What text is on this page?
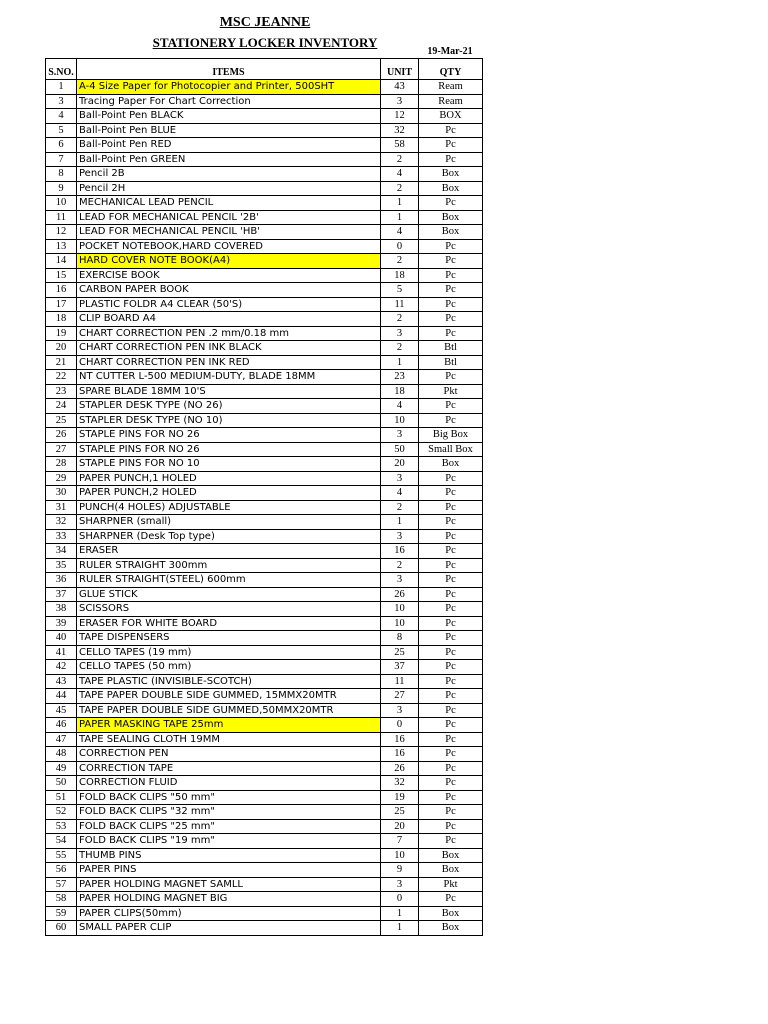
MSC JEANNE
STATIONERY LOCKER INVENTORY
19-Mar-21
S.NO.	ITEMS	UNIT	QTY
1	A-4 Size Paper for Photocopier and Printer, 500SHT	43	Ream
3	Tracing Paper For Chart Correction	3	Ream
4	Ball-Point Pen BLACK	12	BOX
5	Ball-Point Pen BLUE	32	Pc
6	Ball-Point Pen RED	58	Pc
7	Ball-Point Pen GREEN	2	Pc
8	Pencil 2B	4	Box
9	Pencil 2H	2	Box
10	MECHANICAL LEAD PENCIL	1	Pc
11	LEAD FOR MECHANICAL PENCIL '2B'	1	Box
12	LEAD FOR MECHANICAL PENCIL 'HB'	4	Box
13	POCKET NOTEBOOK,HARD COVERED	0	Pc
14	HARD COVER NOTE BOOK(A4)	2	Pc
15	EXERCISE BOOK	18	Pc
16	CARBON PAPER BOOK	5	Pc
17	PLASTIC FOLDR A4 CLEAR (50'S)	11	Pc
18	CLIP BOARD A4	2	Pc
19	CHART CORRECTION PEN .2 mm/0.18 mm	3	Pc
20	CHART CORRECTION PEN INK BLACK	2	Btl
21	CHART CORRECTION PEN INK RED	1	Btl
22	NT CUTTER L-500 MEDIUM-DUTY, BLADE 18MM	23	Pc
23	SPARE BLADE 18MM 10'S	18	Pkt
24	STAPLER DESK TYPE (NO 26)	4	Pc
25	STAPLER DESK TYPE (NO 10)	10	Pc
26	STAPLE PINS FOR NO 26	3	Big Box
27	STAPLE PINS FOR NO 26	50	Small Box
28	STAPLE PINS FOR NO 10	20	Box
29	PAPER PUNCH,1 HOLED	3	Pc
30	PAPER PUNCH,2 HOLED	4	Pc
31	PUNCH(4 HOLES) ADJUSTABLE	2	Pc
32	SHARPNER (small)	1	Pc
33	SHARPNER (Desk Top type)	3	Pc
34	ERASER	16	Pc
35	RULER STRAIGHT 300mm	2	Pc
36	RULER STRAIGHT(STEEL) 600mm	3	Pc
37	GLUE STICK	26	Pc
38	SCISSORS	10	Pc
39	ERASER FOR WHITE BOARD	10	Pc
40	TAPE DISPENSERS	8	Pc
41	CELLO TAPES (19 mm)	25	Pc
42	CELLO TAPES (50 mm)	37	Pc
43	TAPE PLASTIC (INVISIBLE-SCOTCH)	11	Pc
44	TAPE PAPER DOUBLE SIDE GUMMED, 15MMX20MTR	27	Pc
45	TAPE PAPER DOUBLE SIDE GUMMED,50MMX20MTR	3	Pc
46	PAPER MASKING TAPE 25mm	0	Pc
47	TAPE SEALING CLOTH 19MM	16	Pc
48	CORRECTION PEN	16	Pc
49	CORRECTION TAPE	26	Pc
50	CORRECTION FLUID	32	Pc
51	FOLD BACK CLIPS "50 mm"	19	Pc
52	FOLD BACK CLIPS "32 mm"	25	Pc
53	FOLD BACK CLIPS "25 mm"	20	Pc
54	FOLD BACK CLIPS "19 mm"	7	Pc
55	THUMB PINS	10	Box
56	PAPER PINS	9	Box
57	PAPER HOLDING MAGNET SAMLL	3	Pkt
58	PAPER HOLDING MAGNET BIG	0	Pc
59	PAPER CLIPS(50mm)	1	Box
60	SMALL PAPER CLIP	1	Box
